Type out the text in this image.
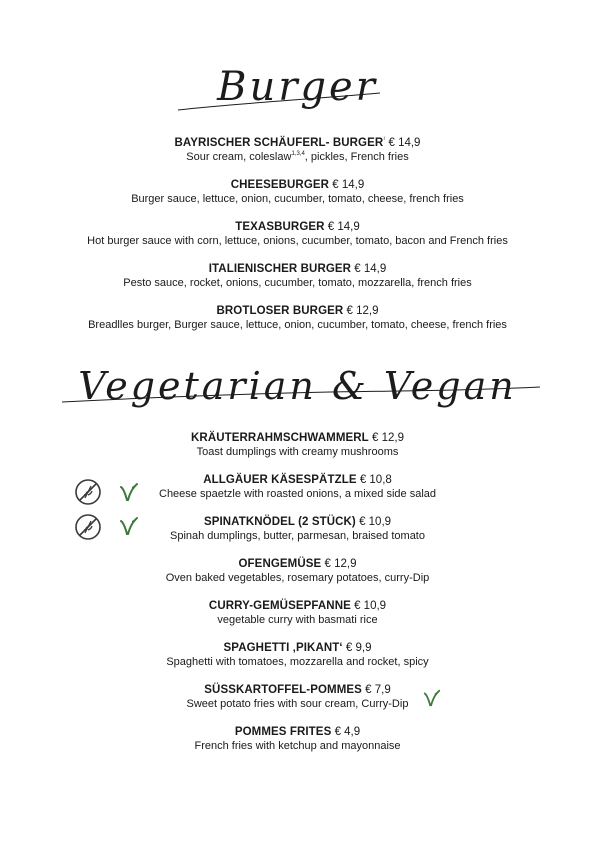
Burger
BAYRISCHER SCHÄUFERL- $BURGER^{^1}$ € 14,9
Sour cream, coleslaw$^{1,3,4}$, pickles, French fries
CHEESEBURGER € 14,9
Burger sauce, lettuce, onion, cucumber, tomato, cheese, french fries
TEXASBURGER € 14,9
Hot burger sauce with corn, lettuce, onions, cucumber, tomato, bacon and French fries
ITALIENISCHER BURGER € 14,9
Pesto sauce, rocket, onions, cucumber, tomato, mozzarella, french fries
BROTLOSER BURGER € 12,9
Breadlles burger, Burger sauce, lettuce, onion, cucumber, tomato, cheese, french fries
Vegetarian & Vegan
KRÄUTERRAHMSCHWAMMERL € 12,9
Toast dumplings with creamy mushrooms
ALLGÄUER KÄSESPÄTZLE € 10,8
Cheese spaetzle with roasted onions, a mixed side salad
SPINATKNÖDEL (2 STÜCK) € 10,9
Spinah dumplings, butter, parmesan, braised tomato
OFENGEMÜSE € 12,9
Oven baked vegetables, rosemary potatoes, curry-Dip
CURRY-GEMÜSEPFANNE € 10,9
vegetable curry with basmati rice
SPAGHETTI ‚PIKANT‘ € 9,9
Spaghetti with tomatoes, mozzarella and rocket, spicy
SÜSSKARTOFFEL-POMMES € 7,9
Sweet potato fries with sour cream, Curry-Dip
POMMES FRITES € 4,9
French fries with ketchup and mayonnaise
